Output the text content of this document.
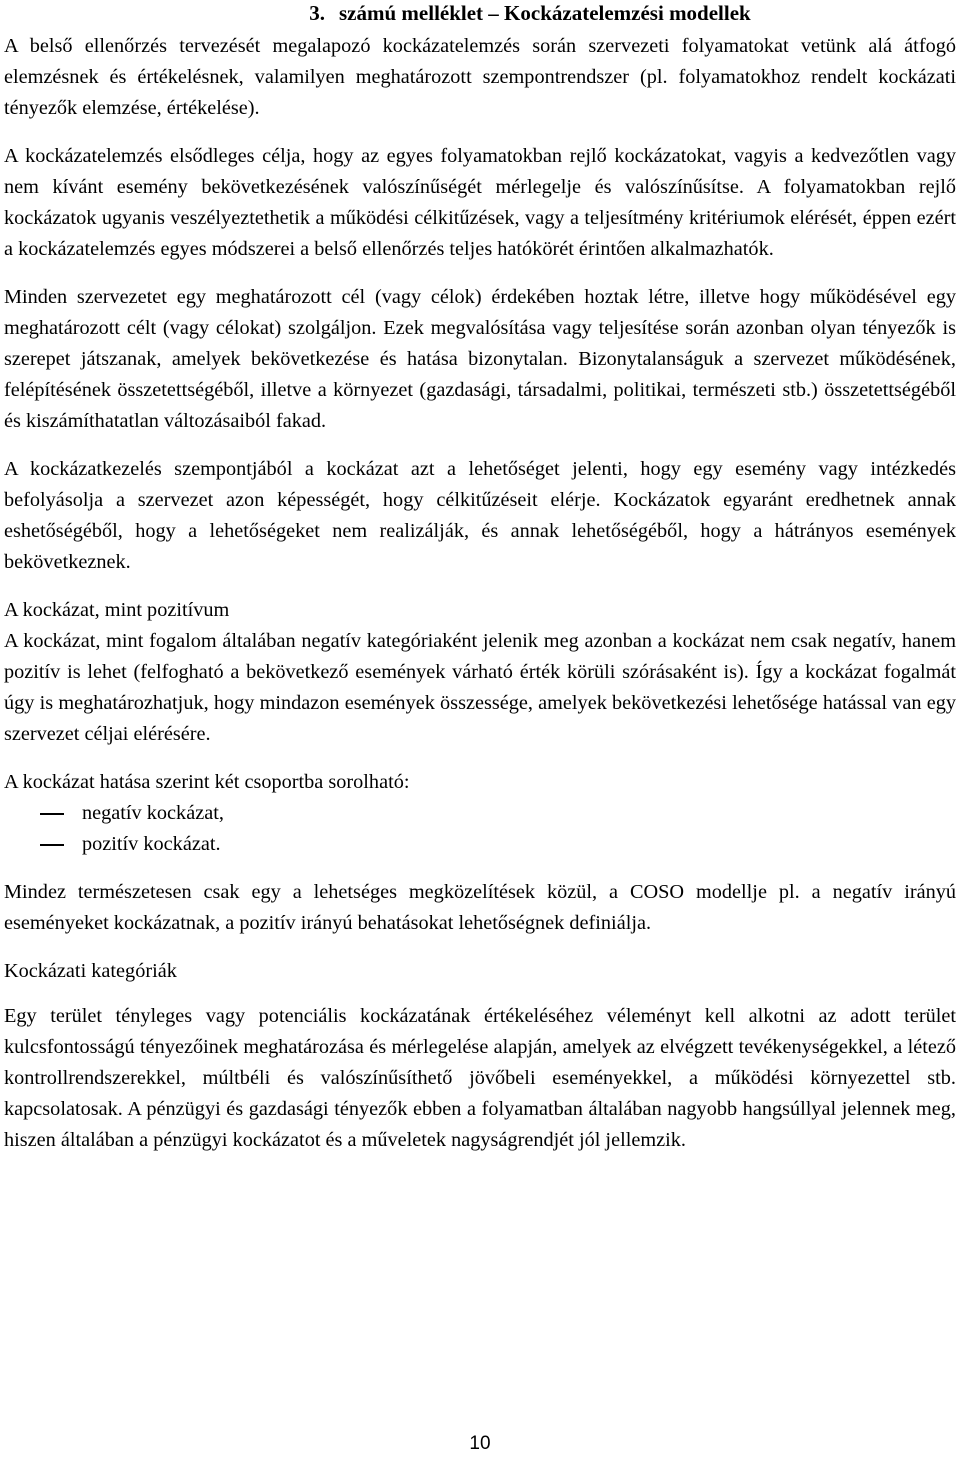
3. számú melléklet – Kockázatelemzési modellek

A belső ellenőrzés tervezését megalapozó kockázatelemzés során szervezeti folyamatokat vetünk alá átfogó elemzésnek és értékelésnek, valamilyen meghatározott szempontrendszer (pl. folyamatokhoz rendelt kockázati tényezők elemzése, értékelése).

A kockázatelemzés elsődleges célja, hogy az egyes folyamatokban rejlő kockázatokat, vagyis a kedvezőtlen vagy nem kívánt esemény bekövetkezésének valószínűségét mérlegelje és valószínűsítse. A folyamatokban rejlő kockázatok ugyanis veszélyeztethetik a működési célkitűzések, vagy a teljesítmény kritériumok elérését, éppen ezért a kockázatelemzés egyes módszerei a belső ellenőrzés teljes hatókörét érintően alkalmazhatók.

Minden szervezetet egy meghatározott cél (vagy célok) érdekében hoztak létre, illetve hogy működésével egy meghatározott célt (vagy célokat) szolgáljon. Ezek megvalósítása vagy teljesítése során azonban olyan tényezők is szerepet játszanak, amelyek bekövetkezése és hatása bizonytalan. Bizonytalanságuk a szervezet működésének, felépítésének összetettségéből, illetve a környezet (gazdasági, társadalmi, politikai, természeti stb.) összetettségéből és kiszámíthatatlan változásaiból fakad.

A kockázatkezelés szempontjából a kockázat azt a lehetőséget jelenti, hogy egy esemény vagy intézkedés befolyásolja a szervezet azon képességét, hogy célkitűzéseit elérje. Kockázatok egyaránt eredhetnek annak eshetőségéből, hogy a lehetőségeket nem realizálják, és annak lehetőségéből, hogy a hátrányos események bekövetkeznek.

A kockázat, mint pozitívum

A kockázat, mint fogalom általában negatív kategóriaként jelenik meg azonban a kockázat nem csak negatív, hanem pozitív is lehet (felfogható a bekövetkező események várható érték körüli szórásaként is). Így a kockázat fogalmát úgy is meghatározhatjuk, hogy mindazon események összessége, amelyek bekövetkezési lehetősége hatással van egy szervezet céljai elérésére.

A kockázat hatása szerint két csoportba sorolható:

negatív kockázat,
pozitív kockázat.

Mindez természetesen csak egy a lehetséges megközelítések közül, a COSO modellje pl. a negatív irányú eseményeket kockázatnak, a pozitív irányú behatásokat lehetőségnek definiálja.

Kockázati kategóriák

Egy terület tényleges vagy potenciális kockázatának értékeléséhez véleményt kell alkotni az adott terület kulcsfontosságú tényezőinek meghatározása és mérlegelése alapján, amelyek az elvégzett tevékenységekkel, a létező kontrollrendszerekkel, múltbéli és valószínűsíthető jövőbeli eseményekkel, a működési környezettel stb. kapcsolatosak. A pénzügyi és gazdasági tényezők ebben a folyamatban általában nagyobb hangsúllyal jelennek meg, hiszen általában a pénzügyi kockázatot és a műveletek nagyságrendjét jól jellemzik.

10
